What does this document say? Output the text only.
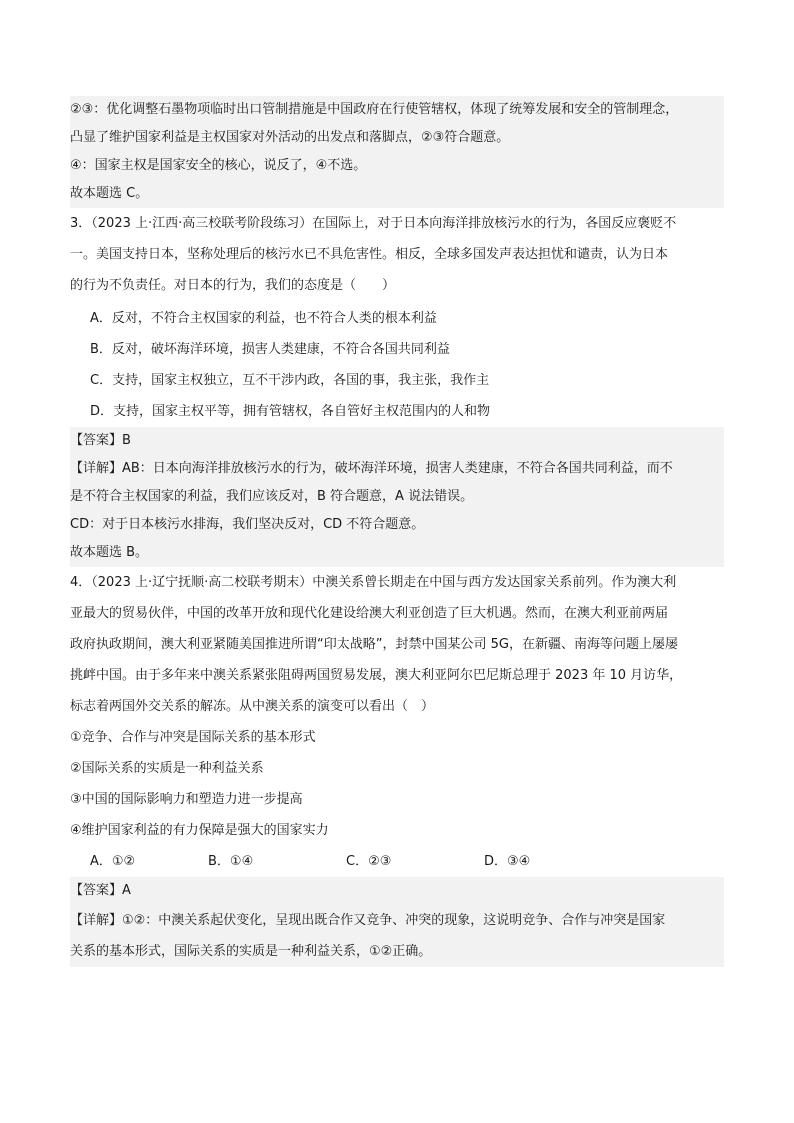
②③：优化调整石墨物项临时出口管制措施是中国政府在行使管辖权，体现了统筹发展和安全的管制理念，
凸显了维护国家利益是主权国家对外活动的出发点和落脚点，②③符合题意。
④：国家主权是国家安全的核心，说反了，④不选。
故本题选 C。
3．（2023 上·江西·高三校联考阶段练习）在国际上，对于日本向海洋排放核污水的行为，各国反应褒贬不
一。美国支持日本，坚称处理后的核污水已不具危害性。相反，全球多国发声表达担忧和谴责，认为日本
的行为不负责任。对日本的行为，我们的态度是（　　）
A．反对，不符合主权国家的利益，也不符合人类的根本利益
B．反对，破坏海洋环境，损害人类建康，不符合各国共同利益
C．支持，国家主权独立，互不干涉内政，各国的事，我主张，我作主
D．支持，国家主权平等，拥有管辖权，各自管好主权范围内的人和物
【答案】B
【详解】AB：日本向海洋排放核污水的行为，破坏海洋环境，损害人类建康，不符合各国共同利益，而不
是不符合主权国家的利益，我们应该反对，B 符合题意，A 说法错误。
CD：对于日本核污水排海，我们坚决反对，CD 不符合题意。
故本题选 B。
4．（2023 上·辽宁抚顺·高二校联考期末）中澳关系曾长期走在中国与西方发达国家关系前列。作为澳大利
亚最大的贸易伙伴，中国的改革开放和现代化建设给澳大利亚创造了巨大机遇。然而，在澳大利亚前两届
政府执政期间，澳大利亚紧随美国推进所谓“印太战略”，封禁中国某公司 5G，在新疆、南海等问题上屡屡
挑衅中国。由于多年来中澳关系紧张阻碍两国贸易发展，澳大利亚阿尔巴尼斯总理于 2023 年 10 月访华，
标志着两国外交关系的解冻。从中澳关系的演变可以看出（　）
①竞争、合作与冲突是国际关系的基本形式
②国际关系的实质是一种利益关系
③中国的国际影响力和塑造力进一步提高
④维护国家利益的有力保障是强大的国家实力
A．①②	B．①④	C．②③	D．③④
【答案】A
【详解】①②：中澳关系起伏变化，呈现出既合作又竞争、冲突的现象，这说明竞争、合作与冲突是国家
关系的基本形式，国际关系的实质是一种利益关系，①②正确。
